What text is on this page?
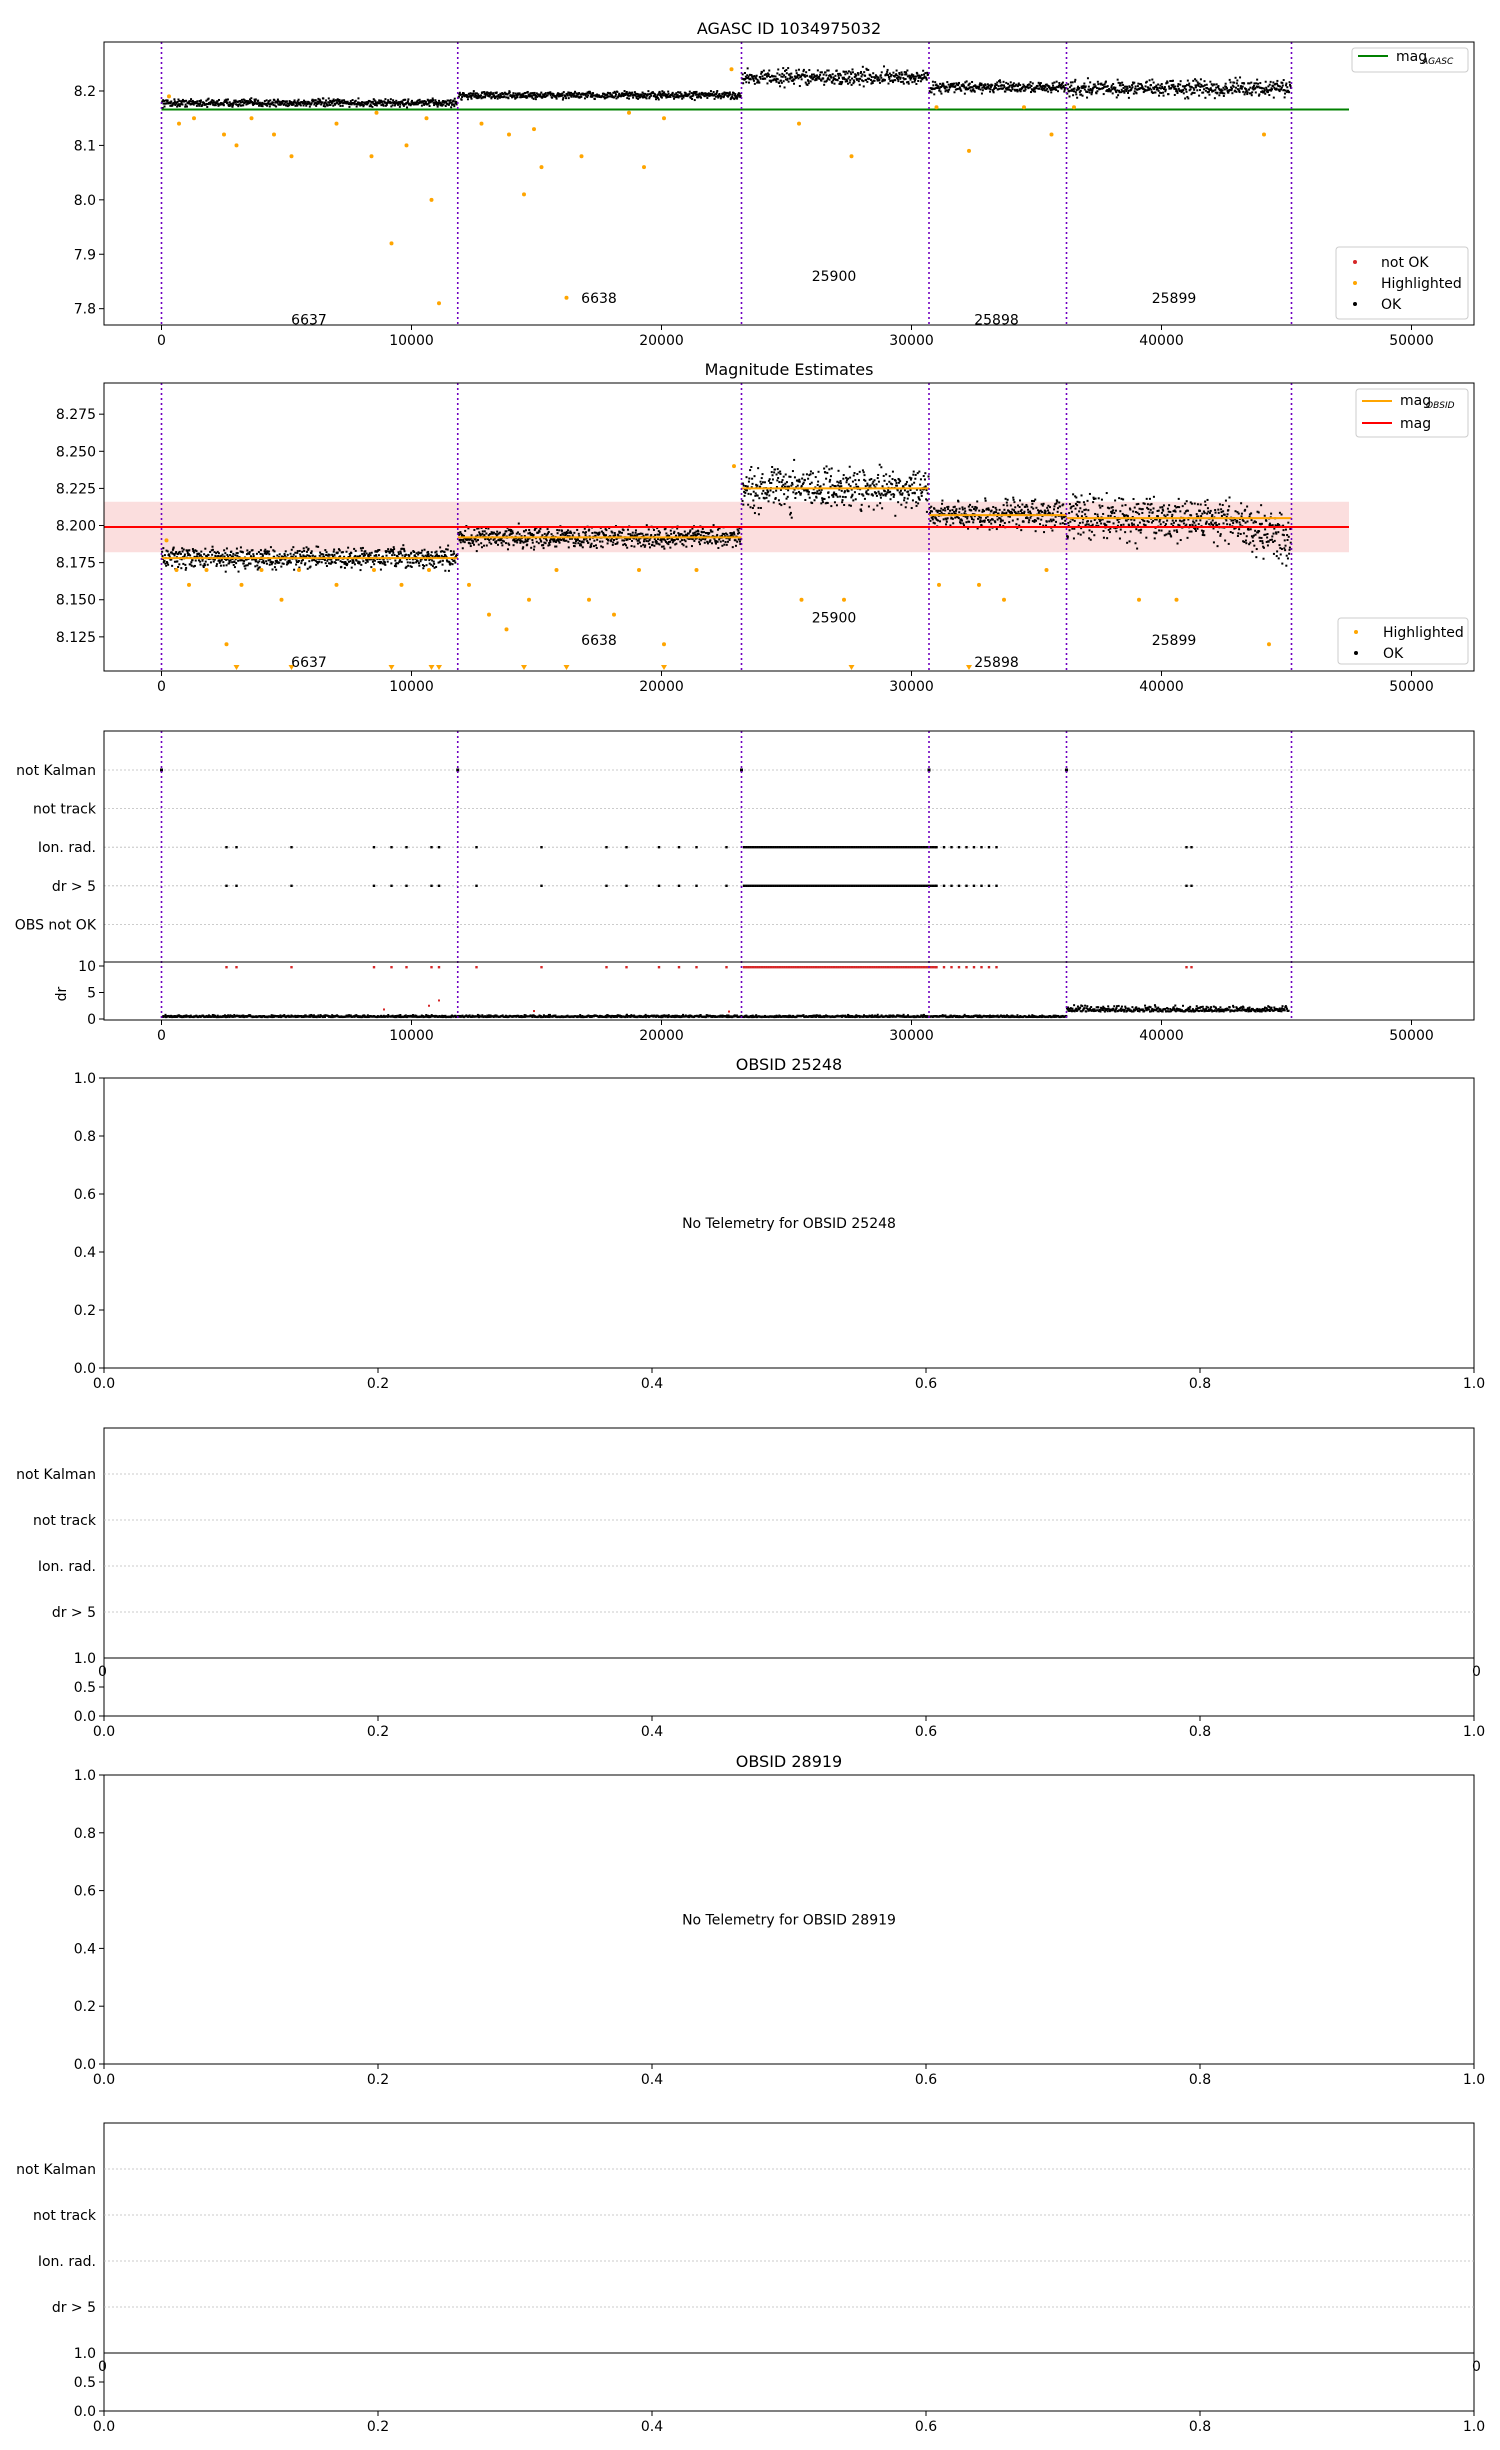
AGASC ID 1034975032
6637
6638
25900
25898
25899
7.8
7.9
8.0
8.1
8.2
0	10000	20000	30000	40000	50000
mag
AGASC
not OK
Highlighted
OK
Magnitude Estimates
6637
6638
25900
25898
25899
8.125
8.150
8.175
8.200
8.225
8.250
8.275
0	10000	20000	30000	40000	50000
mag
OBSID
mag
Highlighted
OK
not Kalman
not track
Ion. rad.
dr > 5
OBS not OK
0
5
10
dr
0	10000	20000	30000	40000	50000
OBSID 25248
No Telemetry for OBSID 25248
0.0
0.2
0.4
0.6
0.8
1.0
0.0	0.2	0.4	0.6	0.8	1.0
not Kalman
not track
Ion. rad.
dr > 5
1.0
0	0
0.0
0.5
0.0	0.2	0.4	0.6	0.8	1.0
OBSID 28919
No Telemetry for OBSID 28919
0.0
0.2
0.4
0.6
0.8
1.0
0.0	0.2	0.4	0.6	0.8	1.0
not Kalman
not track
Ion. rad.
dr > 5
1.0
0	0
0.0
0.5
0.0	0.2	0.4	0.6	0.8	1.0
